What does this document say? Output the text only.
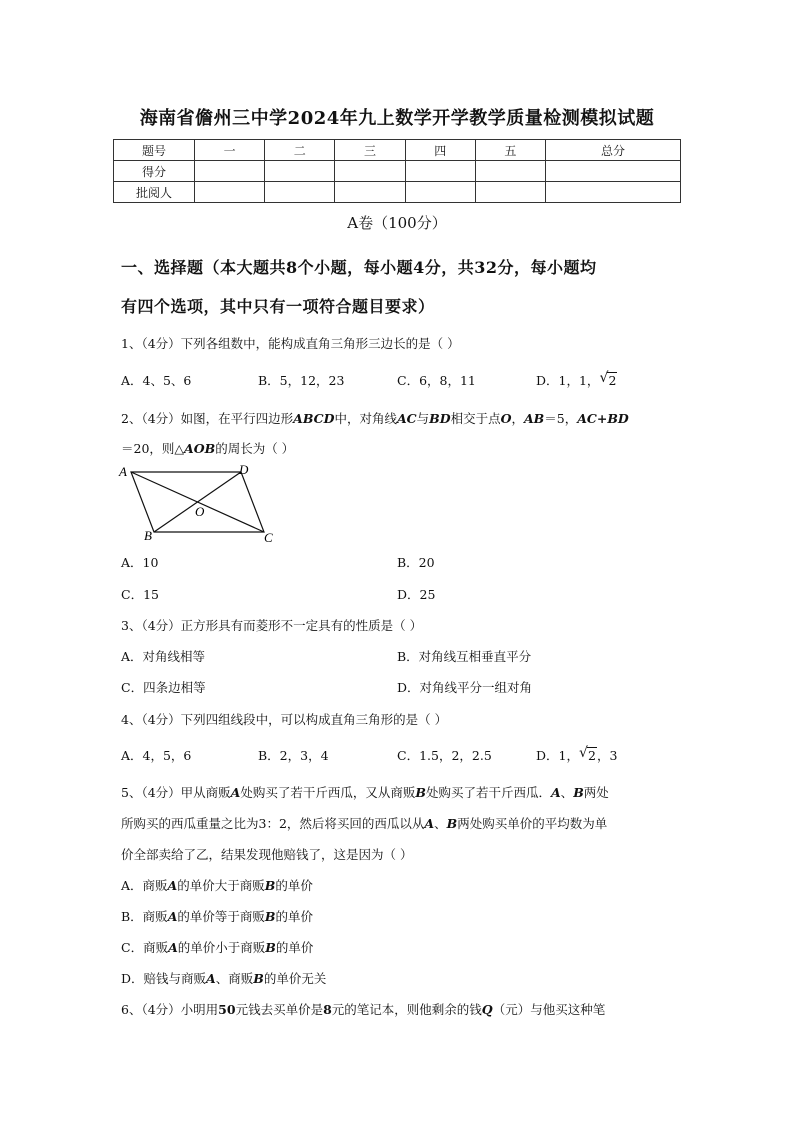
海南省儋州三中学2024年九上数学开学教学质量检测模拟试题
题号	一	二	三	四	五	总分
得分						
批阅人						
A卷（100分）
一、选择题（本大题共8个小题，每小题4分，共32分，每小题均
有四个选项，其中只有一项符合题目要求）
1、（4分）下列各组数中，能构成直角三角形三边长的是（ ）
A．4、5、6	B．5，12，23	C．6，8，11	D．1，1， √ 2
2、（4分）如图，在平行四边形ABCD中，对角线AC与BD相交于点O，AB＝5，AC+BD
＝20，则△AOB的周长为（ ）
A	D
O
B	C
A．10	B．20
C．15	D．25
3、（4分）正方形具有而菱形不一定具有的性质是（ ）
A．对角线相等	B．对角线互相垂直平分
C．四条边相等	D．对角线平分一组对角
4、（4分）下列四组线段中，可以构成直角三角形的是（ ）
A．4，5，6	B．2，3，4	C．1.5，2，2.5	D．1， √ 2，3
5、（4分）甲从商贩A处购买了若干斤西瓜，又从商贩B处购买了若干斤西瓜．A、B两处
所购买的西瓜重量之比为3：2，然后将买回的西瓜以从A、B两处购买单价的平均数为单
价全部卖给了乙，结果发现他赔钱了，这是因为（ ）
A．商贩A的单价大于商贩B的单价
B．商贩A的单价等于商贩B的单价
C．商贩A的单价小于商贩B的单价
D．赔钱与商贩A、商贩B的单价无关
6、（4分）小明用50元钱去买单价是8元的笔记本，则他剩余的钱Q（元）与他买这种笔
